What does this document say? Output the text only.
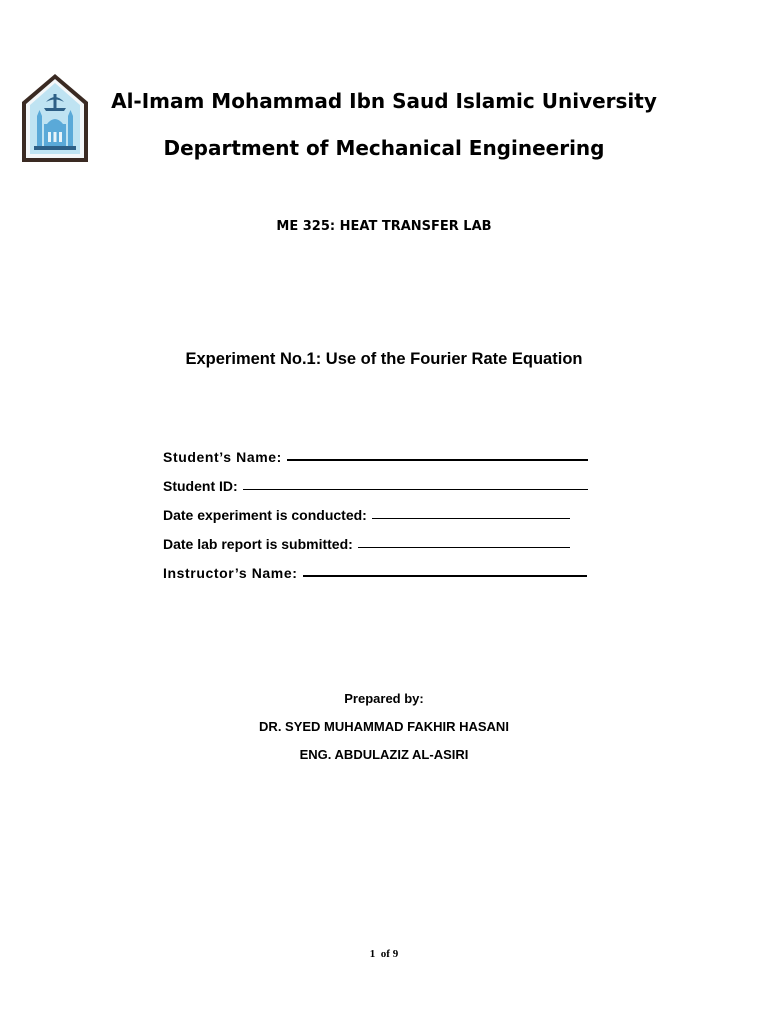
Al-Imam Mohammad Ibn Saud Islamic University
Department of Mechanical Engineering
ME 325: HEAT TRANSFER LAB
Experiment No.1: Use of the Fourier Rate Equation
Student’s Name:
Student ID:
Date experiment is conducted:
Date lab report is submitted:
Instructor’s Name:
Prepared by:
DR. SYED MUHAMMAD FAKHIR HASANI
ENG. ABDULAZIZ AL-ASIRI
1 of 9
